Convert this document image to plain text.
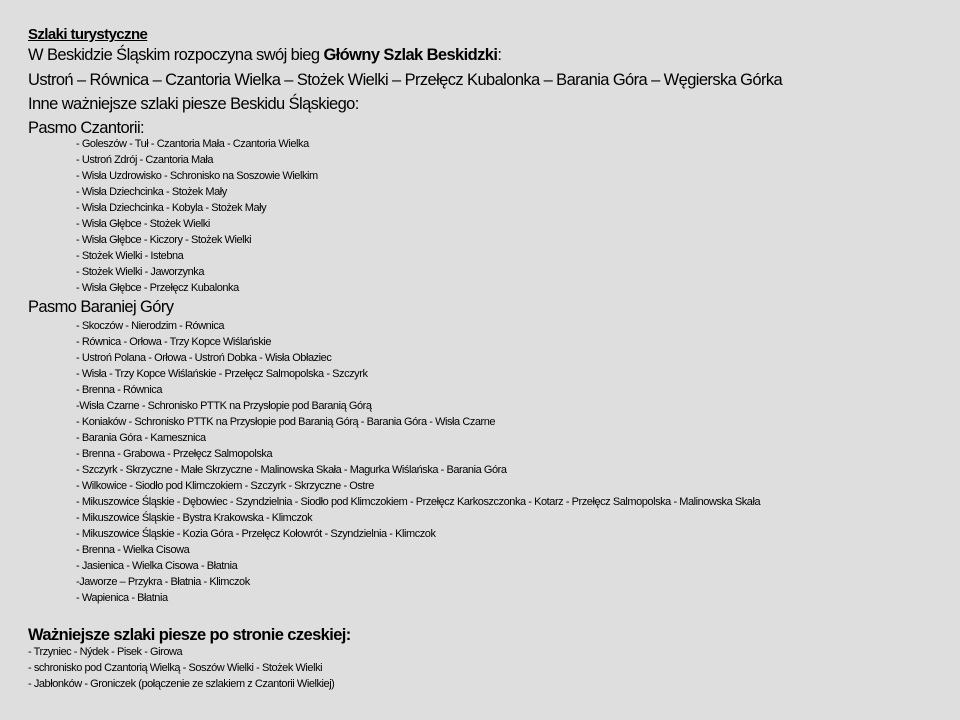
Szlaki turystyczne
W Beskidzie Śląskim rozpoczyna swój bieg Główny Szlak Beskidzki:
Ustroń – Równica – Czantoria Wielka – Stożek Wielki – Przełęcz Kubalonka – Barania Góra – Węgierska Górka
Inne ważniejsze szlaki piesze Beskidu Śląskiego:
Pasmo Czantorii:
- Goleszów - Tuł - Czantoria Mała - Czantoria Wielka
- Ustroń Zdrój - Czantoria Mała
- Wisła Uzdrowisko - Schronisko na Soszowie Wielkim
- Wisła Dziechcinka - Stożek Mały
- Wisła Dziechcinka - Kobyla - Stożek Mały
- Wisła Głębce - Stożek Wielki
- Wisła Głębce - Kiczory - Stożek Wielki
- Stożek Wielki - Istebna
- Stożek Wielki - Jaworzynka
- Wisła Głębce - Przełęcz Kubalonka
Pasmo Baraniej Góry
- Skoczów - Nierodzim - Równica
- Równica - Orłowa - Trzy Kopce Wiślańskie
- Ustroń Polana - Orłowa - Ustroń Dobka - Wisła Obłaziec
- Wisła - Trzy Kopce Wiślańskie - Przełęcz Salmopolska - Szczyrk
- Brenna - Równica
-Wisła Czarne - Schronisko PTTK na Przysłopie pod Baranią Górą
- Koniaków - Schronisko PTTK na Przysłopie pod Baranią Górą - Barania Góra - Wisła Czarne
- Barania Góra - Kamesznica
- Brenna - Grabowa - Przełęcz Salmopolska
- Szczyrk - Skrzyczne - Małe Skrzyczne - Malinowska Skała - Magurka Wiślańska - Barania Góra
- Wilkowice - Siodło pod Klimczokiem - Szczyrk - Skrzyczne - Ostre
- Mikuszowice Śląskie - Dębowiec - Szyndzielnia - Siodło pod Klimczokiem - Przełęcz Karkoszczonka - Kotarz - Przełęcz Salmopolska - Malinowska Skała
- Mikuszowice Śląskie - Bystra Krakowska - Klimczok
- Mikuszowice Śląskie - Kozia Góra - Przełęcz Kołowrót - Szyndzielnia - Klimczok
- Brenna - Wielka Cisowa
- Jasienica - Wielka Cisowa - Błatnia
-Jaworze – Przykra - Błatnia - Klimczok
- Wapienica - Błatnia
Ważniejsze szlaki piesze po stronie czeskiej:
- Trzyniec - Nýdek - Pisek - Girowa
- schronisko pod Czantorią Wielką - Soszów Wielki - Stożek Wielki
- Jabłonków - Groniczek (połączenie ze szlakiem z Czantorii Wielkiej)
